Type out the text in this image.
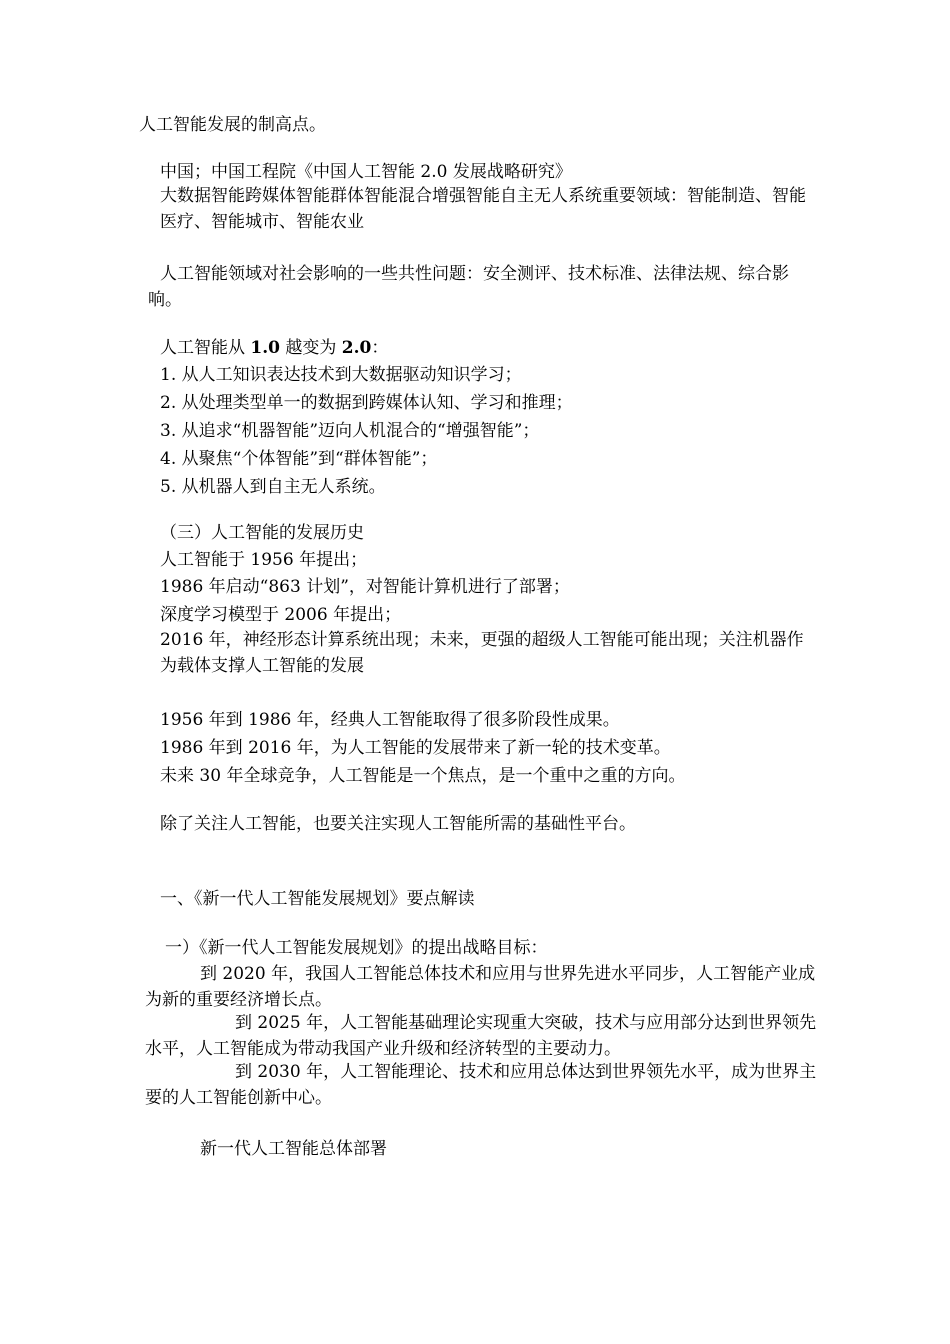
人工智能发展的制高点。

中国；中国工程院《中国人工智能 2.0 发展战略研究》

大数据智能跨媒体智能群体智能混合增强智能自主无人系统重要领域：智能制造、智能医疗、智能城市、智能农业

人工智能领域对社会影响的一些共性问题：安全测评、技术标准、法律法规、综合影响。

人工智能从 1.0 越变为 2.0：

1. 从人工知识表达技术到大数据驱动知识学习；

2. 从处理类型单一的数据到跨媒体认知、学习和推理；

3. 从追求“机器智能”迈向人机混合的“增强智能”；

4. 从聚焦“个体智能”到“群体智能”；

5. 从机器人到自主无人系统。

（三）人工智能的发展历史

人工智能于 1956 年提出；

1986 年启动“863 计划”，对智能计算机进行了部署；

深度学习模型于 2006 年提出；

2016 年，神经形态计算系统出现；未来，更强的超级人工智能可能出现；关注机器作为载体支撑人工智能的发展

1956 年到 1986 年，经典人工智能取得了很多阶段性成果。

1986 年到 2016 年，为人工智能的发展带来了新一轮的技术变革。

未来 30 年全球竞争，人工智能是一个焦点，是一个重中之重的方向。

除了关注人工智能，也要关注实现人工智能所需的基础性平台。

一、《新一代人工智能发展规划》要点解读

一）《新一代人工智能发展规划》的提出战略目标：

到 2020 年，我国人工智能总体技术和应用与世界先进水平同步，人工智能产业成为新的重要经济增长点。

到 2025 年，人工智能基础理论实现重大突破，技术与应用部分达到世界领先水平，人工智能成为带动我国产业升级和经济转型的主要动力。

到 2030 年，人工智能理论、技术和应用总体达到世界领先水平，成为世界主要的人工智能创新中心。

新一代人工智能总体部署
